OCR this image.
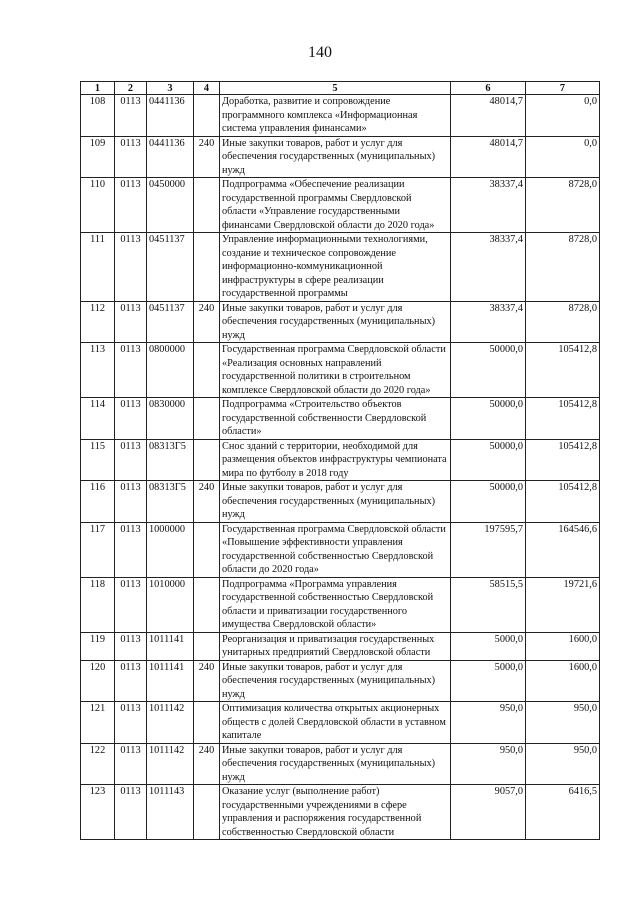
140
1	2	3	4	5	6	7
108	0113	0441136		Доработка, развитие и сопровождение программного комплекса «Информационная система управления финансами»	48014,7	0,0
109	0113	0441136	240	Иные закупки товаров, работ и услуг для обеспечения государственных (муниципальных) нужд	48014,7	0,0
110	0113	0450000		Подпрограмма «Обеспечение реализации государственной программы Свердловской области «Управление государственными финансами Свердловской области до 2020 года»	38337,4	8728,0
111	0113	0451137		Управление информационными технологиями, создание и техническое сопровождение информационно-коммуникационной инфраструктуры в сфере реализации государственной программы	38337,4	8728,0
112	0113	0451137	240	Иные закупки товаров, работ и услуг для обеспечения государственных (муниципальных) нужд	38337,4	8728,0
113	0113	0800000		Государственная программа Свердловской области «Реализация основных направлений государственной политики в строительном комплексе Свердловской области до 2020 года»	50000,0	105412,8
114	0113	0830000		Подпрограмма «Строительство объектов государственной собственности Свердловской области»	50000,0	105412,8
115	0113	08313Г5		Снос зданий с территории, необходимой для размещения объектов инфраструктуры чемпионата мира по футболу в 2018 году	50000,0	105412,8
116	0113	08313Г5	240	Иные закупки товаров, работ и услуг для обеспечения государственных (муниципальных) нужд	50000,0	105412,8
117	0113	1000000		Государственная программа Свердловской области «Повышение эффективности управления государственной собственностью Свердловской области до 2020 года»	197595,7	164546,6
118	0113	1010000		Подпрограмма «Программа управления государственной собственностью Свердловской области и приватизации государственного имущества Свердловской области»	58515,5	19721,6
119	0113	1011141		Реорганизация и приватизация государственных унитарных предприятий Свердловской области	5000,0	1600,0
120	0113	1011141	240	Иные закупки товаров, работ и услуг для обеспечения государственных (муниципальных) нужд	5000,0	1600,0
121	0113	1011142		Оптимизация количества открытых акционерных обществ с долей Свердловской области в уставном капитале	950,0	950,0
122	0113	1011142	240	Иные закупки товаров, работ и услуг для обеспечения государственных (муниципальных) нужд	950,0	950,0
123	0113	1011143		Оказание услуг (выполнение работ) государственными учреждениями в сфере управления и распоряжения государственной собственностью Свердловской области	9057,0	6416,5
